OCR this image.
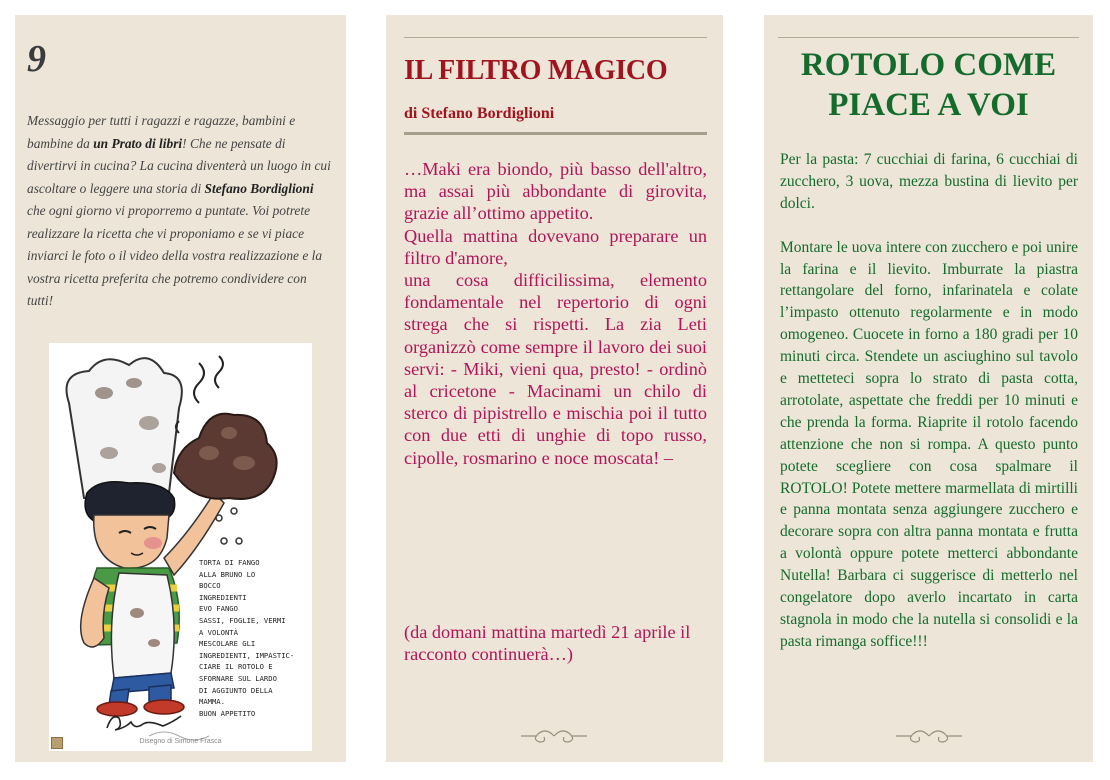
9
Messaggio per tutti i ragazzi e ragazze, bambini e bambine da un Prato di libri! Che ne pensate di divertirvi in cucina? La cucina diventerà un luogo in cui ascoltare o leggere una storia di Stefano Bordiglioni che ogni giorno vi proporremo a puntate. Voi potrete realizzare la ricetta che vi proponiamo e se vi piace inviarci le foto o il video della vostra realizzazione e la vostra ricetta preferita che potremo condividere con tutti!
TORTA DI FANGO
ALLA BRUNO LO
BOCCO
INGREDIENTI
EVO FANGO
SASSI, FOGLIE, VERMI
A VOLONTÀ
MESCOLARE GLI
INGREDIENTI, IMPASTIC-
CIARE IL ROTOLO E
SFORNARE SUL LARDO
DI AGGIUNTO DELLA
MAMMA.
BUON APPETITO
Disegno di Simone Frasca
IL FILTRO MAGICO
di Stefano Bordiglioni

…Maki era biondo, più basso dell'altro, ma assai più abbondante di girovita, grazie all’ottimo appetito.

Quella mattina dovevano preparare un filtro d'amore,

una cosa difficilissima, elemento fondamentale nel repertorio di ogni strega che si rispetti. La zia Leti organizzò come sempre il lavoro dei suoi servi: - Miki, vieni qua, presto! - ordinò al cricetone - Macinami un chilo di sterco di pipistrello e mischia poi il tutto con due etti di unghie di topo russo, cipolle, rosmarino e noce moscata! –

(da domani mattina martedì 21 aprile il racconto continuerà…)
ROTOLO COME
PIACE A VOI

Per la pasta: 7 cucchiai di farina, 6 cucchiai di zucchero, 3 uova, mezza bustina di lievito per dolci.

Montare le uova intere con zucchero e poi unire la farina e il lievito. Imburrate la piastra rettangolare del forno, infarinatela e colate l’impasto ottenuto regolarmente e in modo omogeneo. Cuocete in forno a 180 gradi per 10 minuti circa. Stendete un asciughino sul tavolo e metteteci sopra lo strato di pasta cotta, arrotolate, aspettate che freddi per 10 minuti e che prenda la forma. Riaprite il rotolo facendo attenzione che non si rompa. A questo punto potete scegliere con cosa spalmare il ROTOLO! Potete mettere marmellata di mirtilli e panna montata senza aggiungere zucchero e decorare sopra con altra panna montata e frutta a volontà oppure potete metterci abbondante Nutella! Barbara ci suggerisce di metterlo nel congelatore dopo averlo incartato in carta stagnola in modo che la nutella si consolidi e la pasta rimanga soffice!!!
